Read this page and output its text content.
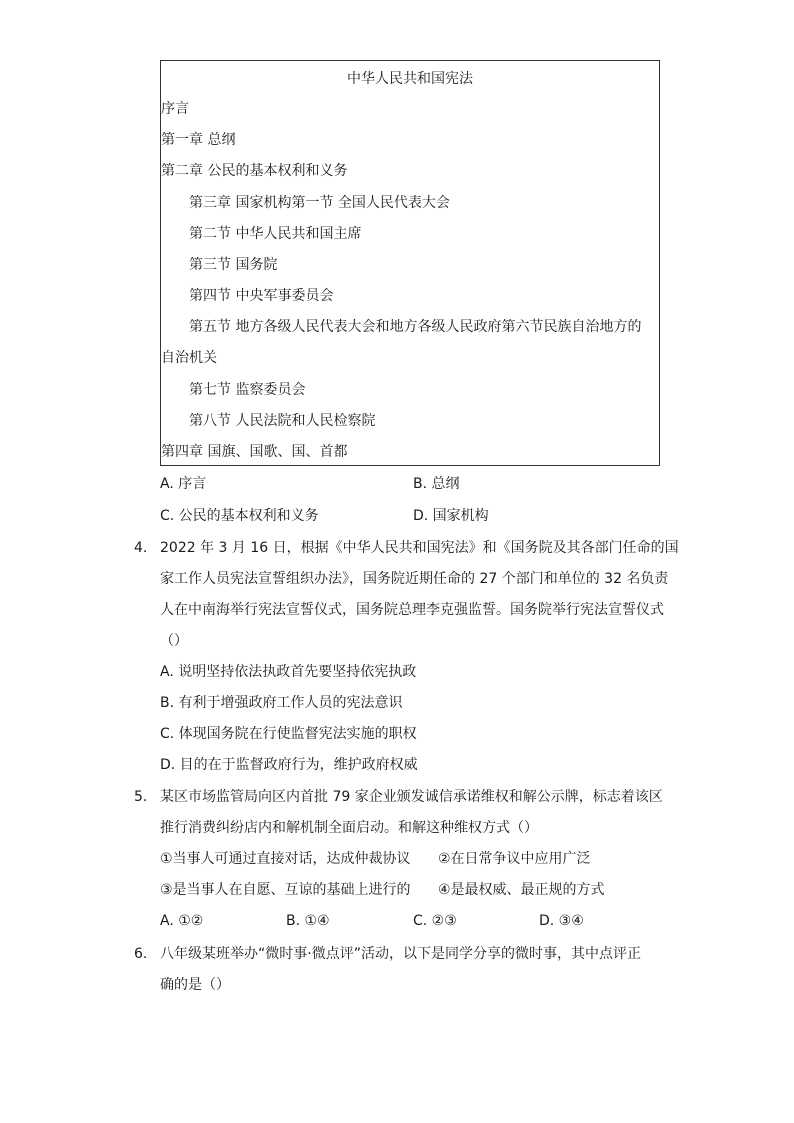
中华人民共和国宪法
序言
第一章 总纲
第二章 公民的基本权利和义务
第三章 国家机构第一节 全国人民代表大会
第二节 中华人民共和国主席
第三节 国务院
第四节 中央军事委员会
第五节 地方各级人民代表大会和地方各级人民政府第六节民族自治地方的
自治机关
第七节 监察委员会
第八节 人民法院和人民检察院
第四章 国旗、国歌、国、首都
A. 序言	B. 总纲
C. 公民的基本权利和义务	D. 国家机构
4. 2022 年 3 月 16 日，根据《中华人民共和国宪法》和《国务院及其各部门任命的国
家工作人员宪法宣誓组织办法》，国务院近期任命的 27 个部门和单位的 32 名负责
人在中南海举行宪法宣誓仪式，国务院总理李克强监誓。国务院举行宪法宣誓仪式
（）
A. 说明坚持依法执政首先要坚持依宪执政
B. 有利于增强政府工作人员的宪法意识
C. 体现国务院在行使监督宪法实施的职权
D. 目的在于监督政府行为，维护政府权威
5. 某区市场监管局向区内首批 79 家企业颁发诚信承诺维权和解公示牌，标志着该区
推行消费纠纷店内和解机制全面启动。和解这种维权方式（）
①当事人可通过直接对话，达成仲裁协议 ②在日常争议中应用广泛
③是当事人在自愿、互谅的基础上进行的 ④是最权威、最正规的方式
A. ①②	B. ①④	C. ②③	D. ③④
6. 八年级某班举办“微时事·微点评”活动，以下是同学分享的微时事，其中点评正
确的是（）
